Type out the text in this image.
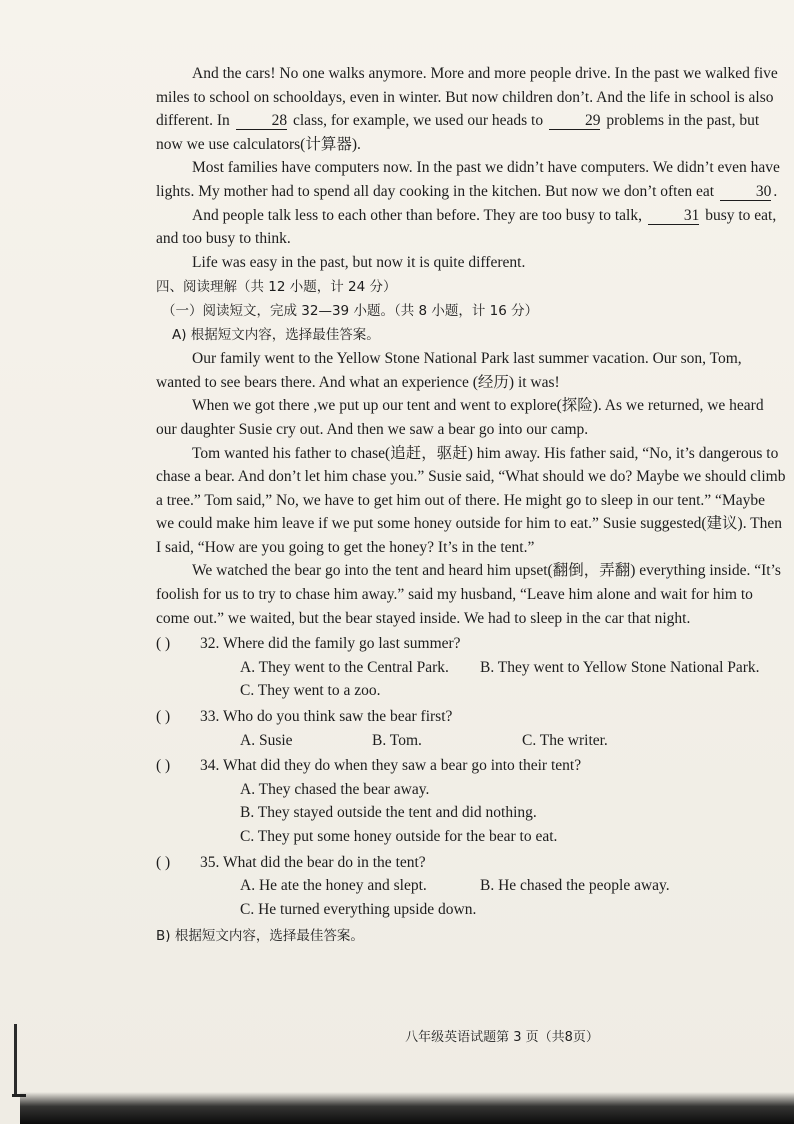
And the cars! No one walks anymore. More and more people drive. In the past we walked five miles to school on schooldays, even in winter. But now children don’t. And the life in school is also different. In	28 class, for example, we used our heads to	29 problems in the past, but now we use calculators(计算器).

Most families have computers now. In the past we didn’t have computers. We didn’t even have lights. My mother had to spend all day cooking in the kitchen. But now we don’t often eat	30 .

And people talk less to each other than before. They are too busy to talk,	31 busy to eat, and too busy to think.

Life was easy in the past, but now it is quite different.

四、阅读理解（共 12 小题，计 24 分）

（一）阅读短文，完成 32—39 小题。（共 8 小题，计 16 分）

A) 根据短文内容，选择最佳答案。

Our family went to the Yellow Stone National Park last summer vacation. Our son, Tom, wanted to see bears there. And what an experience (经历) it was!

When we got there ,we put up our tent and went to explore(探险). As we returned, we heard our daughter Susie cry out. And then we saw a bear go into our camp.

Tom wanted his father to chase(追赶，驱赶) him away. His father said, “No, it’s dangerous to chase a bear. And don’t let him chase you.” Susie said, “What should we do? Maybe we should climb a tree.” Tom said,” No, we have to get him out of there. He might go to sleep in our tent.” “Maybe we could make him leave if we put some honey outside for him to eat.” Susie suggested(建议). Then I said, “How are you going to get the honey? It’s in the tent.”

We watched the bear go into the tent and heard him upset(翻倒，弄翻) everything inside. “It’s foolish for us to try to chase him away.” said my husband, “Leave him alone and wait for him to come out.” we waited, but the bear stayed inside. We had to sleep in the car that night.

( ) 32. Where did the family go last summer?

A. They went to the Central Park. B. They went to Yellow Stone National Park.

C. They went to a zoo.

( ) 33. Who do you think saw the bear first?

A. Susie	B. Tom.	C. The writer.

( ) 34. What did they do when they saw a bear go into their tent?

A. They chased the bear away.

B. They stayed outside the tent and did nothing.

C. They put some honey outside for the bear to eat.

( ) 35. What did the bear do in the tent?

A. He ate the honey and slept.	B. He chased the people away.

C. He turned everything upside down.

B) 根据短文内容，选择最佳答案。

八年级英语试题第 3 页（共8页）
